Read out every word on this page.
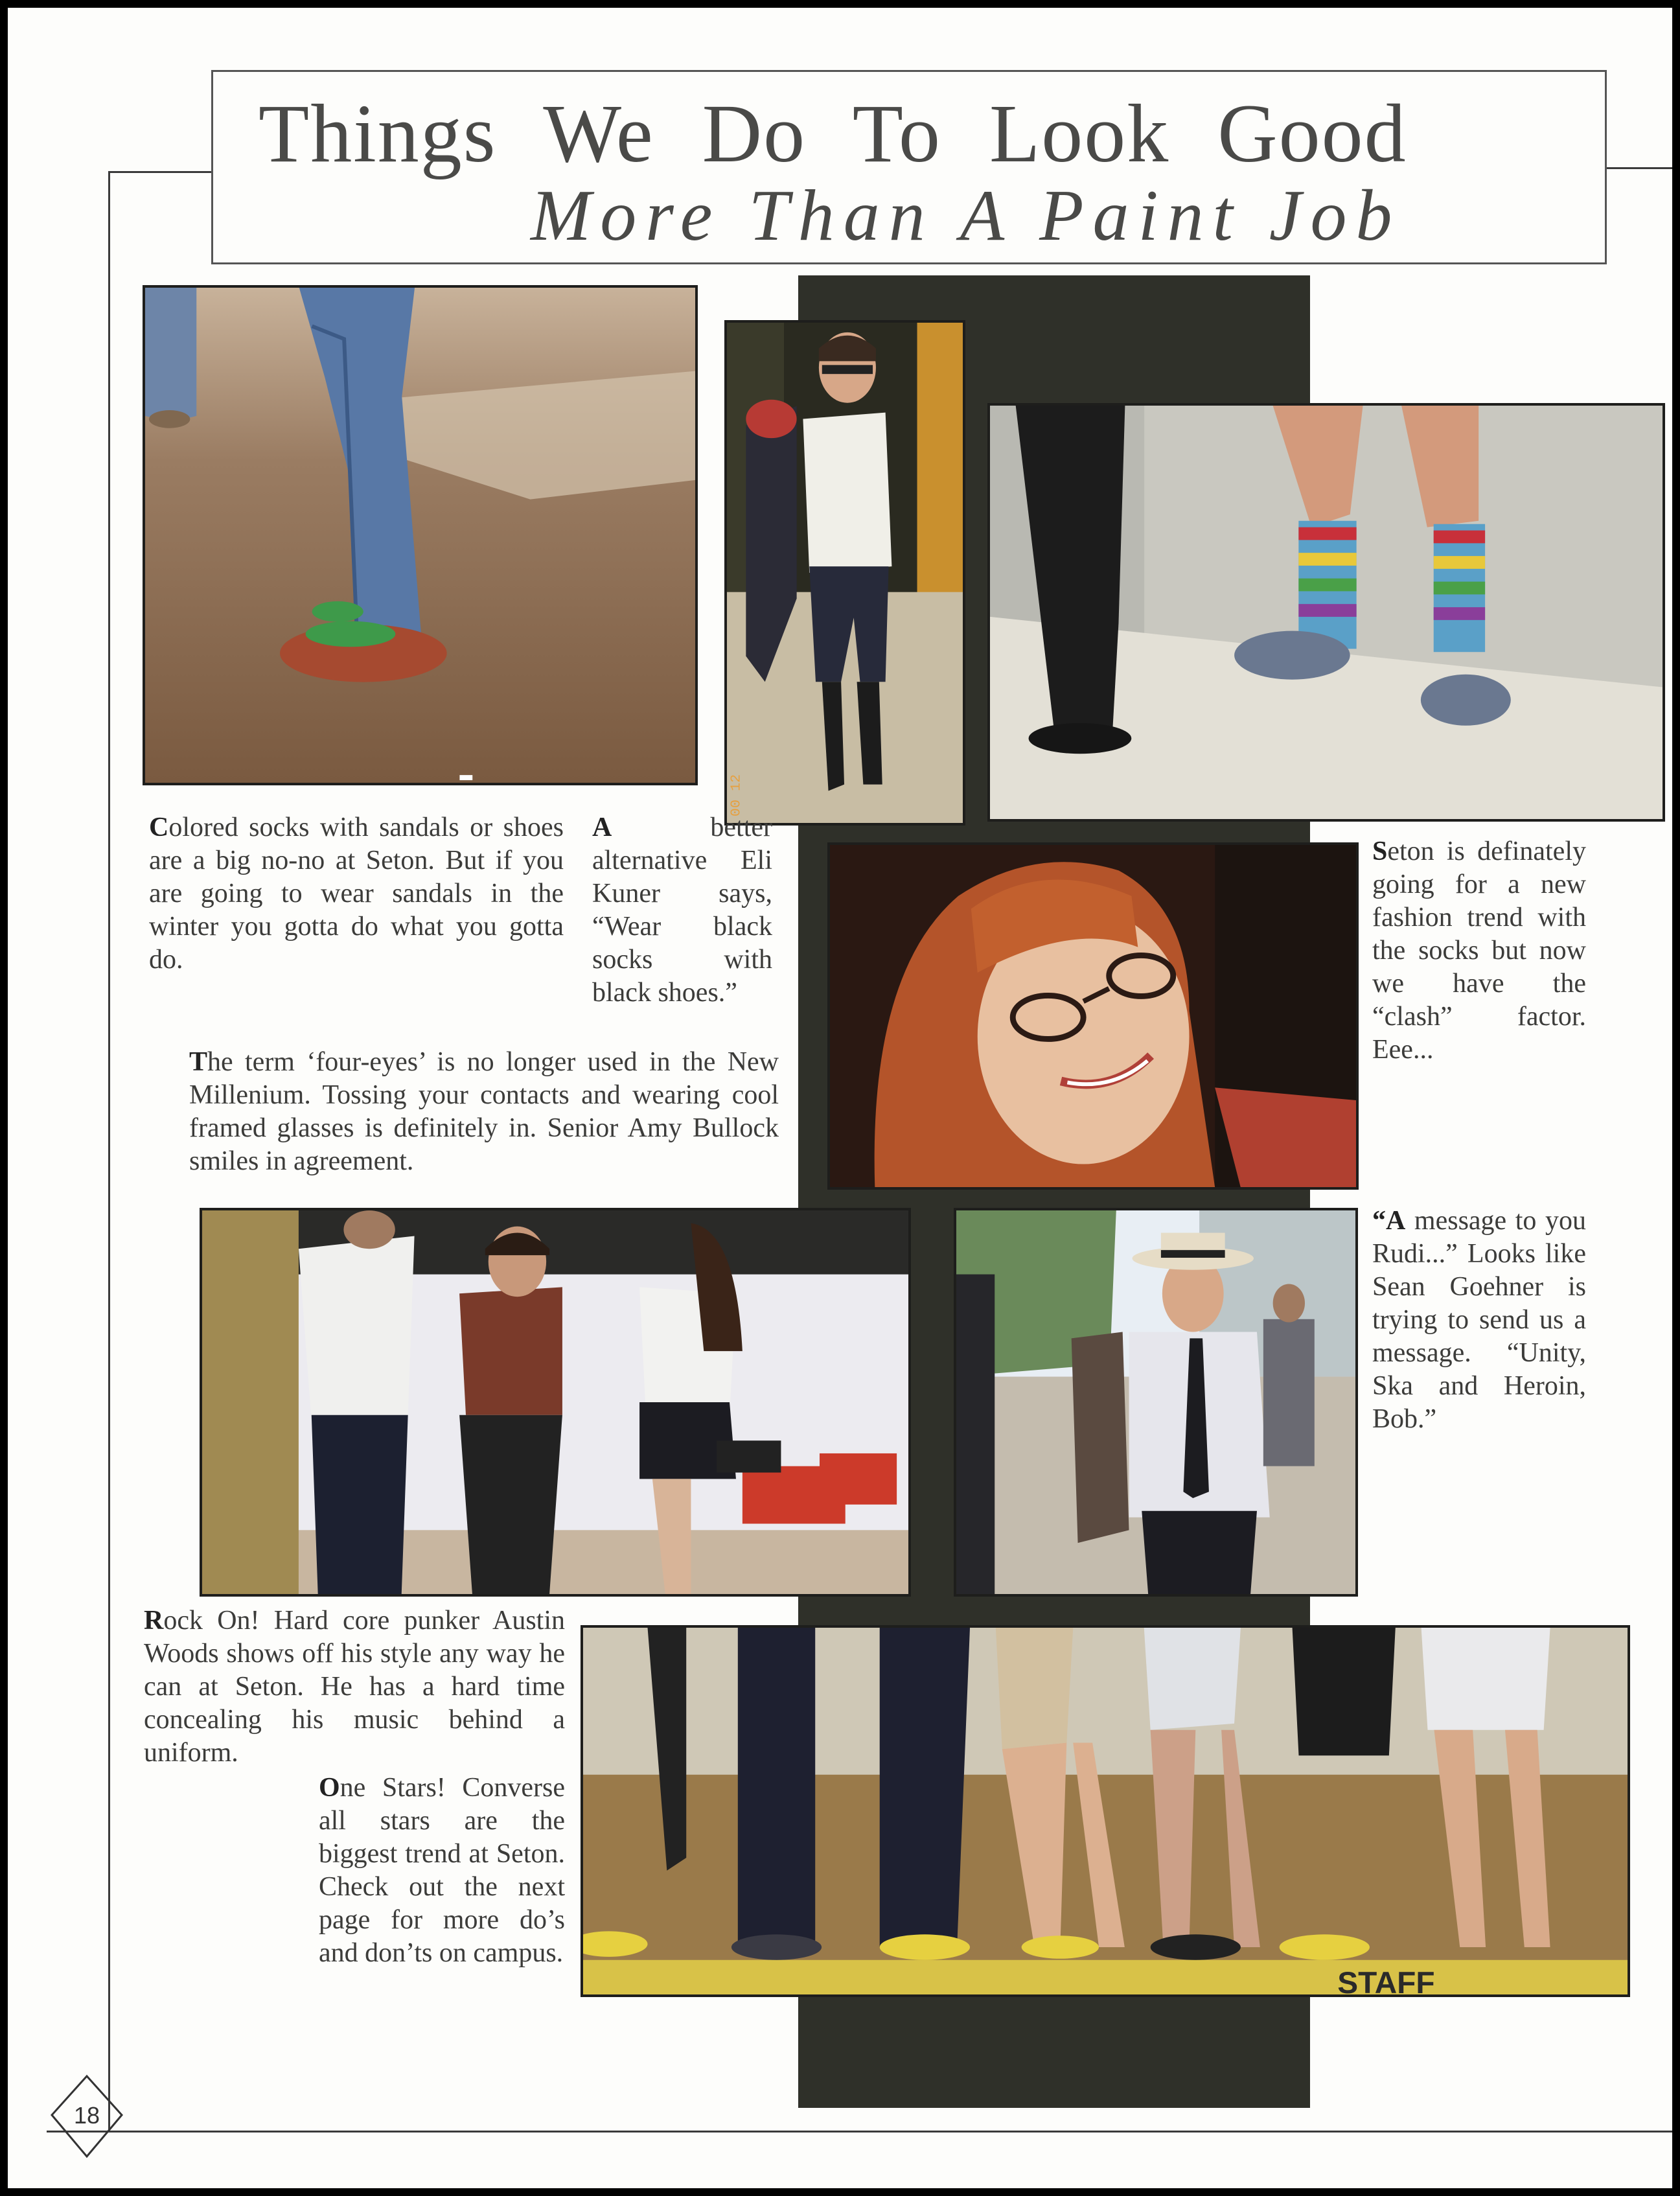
Things We Do To Look Good
More Than A Paint Job
00 12
STAFF
Colored socks with sandals or shoes are a big no-no at Seton. But if you are going to wear sandals in the winter you gotta do what you gotta do.
A better alternative Eli Kuner says, “Wear black socks with black shoes.”
Seton is definately going for a new fashion trend with the socks but now we have the “clash” factor. Eee...
The term ‘four-eyes’ is no longer used in the New Millenium. Tossing your contacts and wearing cool framed glasses is definitely in. Senior Amy Bullock smiles in agreement.
“A message to you Rudi...” Looks like Sean Goehner is trying to send us a message. “Unity, Ska and Heroin, Bob.”
Rock On! Hard core punker Austin Woods shows off his style any way he can at Seton. He has a hard time concealing his music behind a uniform.
One Stars! Converse all stars are the biggest trend at Seton. Check out the next page for more do’s and don’ts on campus.
18
